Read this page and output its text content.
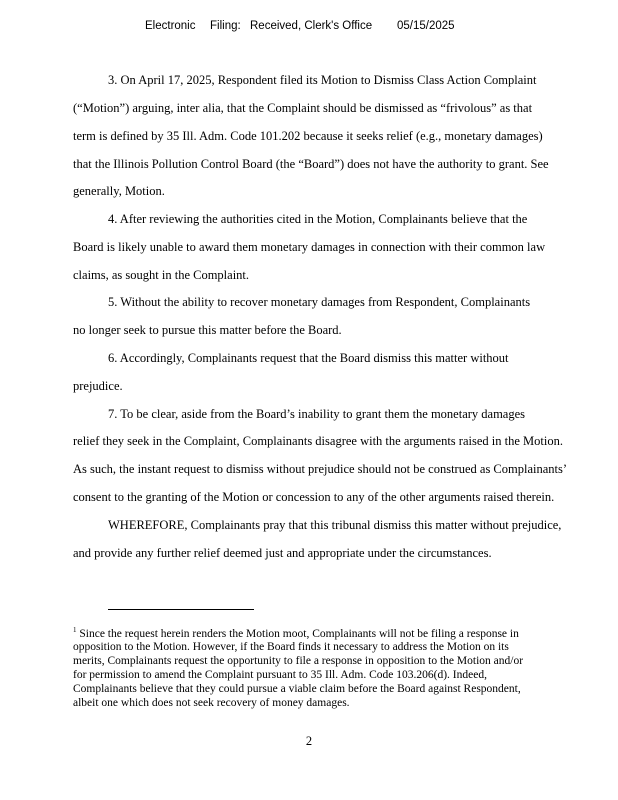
Electronic Filing: Received, Clerk's Office 05/15/2025
3. On April 17, 2025, Respondent filed its Motion to Dismiss Class Action Complaint
(“Motion”) arguing, inter alia, that the Complaint should be dismissed as “frivolous” as that
term is defined by 35 Ill. Adm. Code 101.202 because it seeks relief (e.g., monetary damages)
that the Illinois Pollution Control Board (the “Board”) does not have the authority to grant. See
generally, Motion.
4. After reviewing the authorities cited in the Motion, Complainants believe that the
Board is likely unable to award them monetary damages in connection with their common law
claims, as sought in the Complaint.
5. Without the ability to recover monetary damages from Respondent, Complainants
no longer seek to pursue this matter before the Board.
6. Accordingly, Complainants request that the Board dismiss this matter without
prejudice.
7. To be clear, aside from the Board’s inability to grant them the monetary damages
relief they seek in the Complaint, Complainants disagree with the arguments raised in the Motion.
As such, the instant request to dismiss without prejudice should not be construed as Complainants’
consent to the granting of the Motion or concession to any of the other arguments raised therein.
WHEREFORE, Complainants pray that this tribunal dismiss this matter without prejudice,
and provide any further relief deemed just and appropriate under the circumstances.
$^1$ Since the request herein renders the Motion moot, Complainants will not be filing a response in
opposition to the Motion. However, if the Board finds it necessary to address the Motion on its
merits, Complainants request the opportunity to file a response in opposition to the Motion and/or
for permission to amend the Complaint pursuant to 35 Ill. Adm. Code 103.206(d). Indeed,
Complainants believe that they could pursue a viable claim before the Board against Respondent,
albeit one which does not seek recovery of money damages.
2
